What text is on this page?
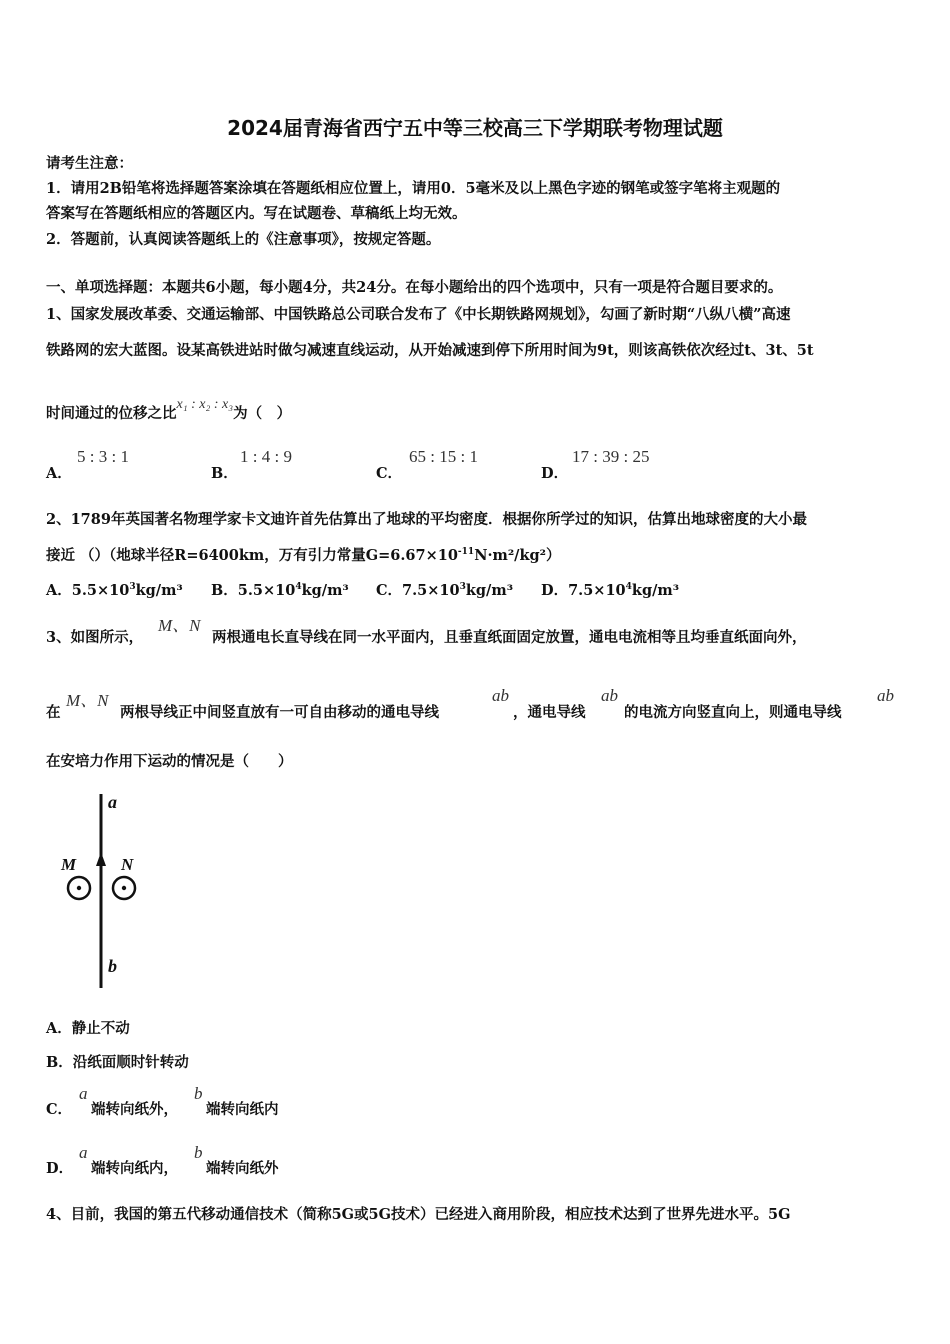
2024届青海省西宁五中等三校高三下学期联考物理试题
请考生注意：
1．请用2B铅笔将选择题答案涂填在答题纸相应位置上，请用0．5毫米及以上黑色字迹的钢笔或签字笔将主观题的
答案写在答题纸相应的答题区内。写在试题卷、草稿纸上均无效。
2．答题前，认真阅读答题纸上的《注意事项》，按规定答题。
一、单项选择题：本题共6小题，每小题4分，共24分。在每小题给出的四个选项中，只有一项是符合题目要求的。
1、国家发展改革委、交通运输部、中国铁路总公司联合发布了《中长期铁路网规划》，勾画了新时期“八纵八横”高速
铁路网的宏大蓝图。设某高铁进站时做匀减速直线运动，从开始减速到停下所用时间为9t，则该高铁依次经过t、3t、5t
时间通过的位移之比x₁ : x₂ : x₃为（　）
A．
5 : 3 : 1
B．
1 : 4 : 9
C．
65 : 15 : 1
D．
17 : 39 : 25
2、1789年英国著名物理学家卡文迪许首先估算出了地球的平均密度．根据你所学过的知识，估算出地球密度的大小最
接近 （）（地球半径R=6400km，万有引力常量$G=6.67\times 10^{-11}N\cdot m^2/kg^2$）
A．$5.5\times 10^3kg/m^3$ B．$5.5\times 10^4kg/m^3$ C．$7.5\times 10^3kg/m^3$ D．$7.5\times 10^4kg/m^3$
3、如图所示，
M、N
两根通电长直导线在同一水平面内，且垂直纸面固定放置，通电电流相等且均垂直纸面向外，
在
M、N
两根导线正中间竖直放有一可自由移动的通电导线
ab
，通电导线
ab
的电流方向竖直向上，则通电导线
ab
在安培力作用下运动的情况是（　　）
a
b
M	N
A．静止不动
B．沿纸面顺时针转动
C．
a
端转向纸外，
b
端转向纸内
D．
a
端转向纸内，
b
端转向纸外
4、目前，我国的第五代移动通信技术（简称5G或5G技术）已经进入商用阶段，相应技术达到了世界先进水平。5G
